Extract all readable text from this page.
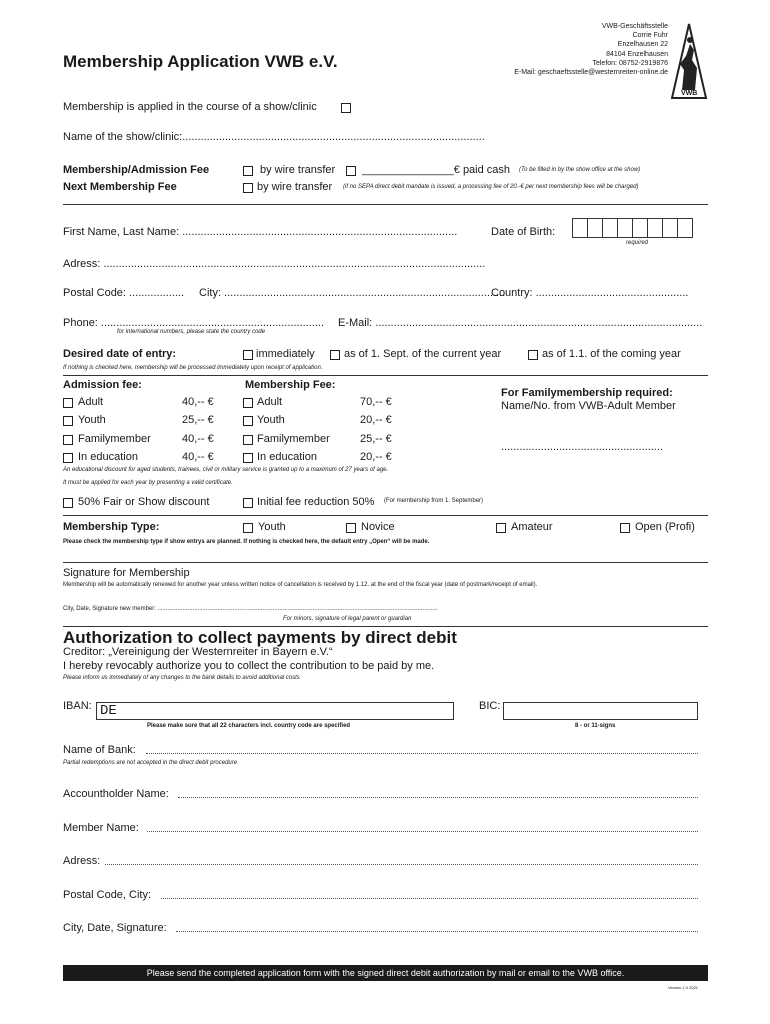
Membership Application VWB e.V.
VWB-Geschäftsstelle
Corrie Fuhr
Enzelhausen 22
84104 Enzelhausen
Telefon: 08752-2919876
E-Mail: geschaeftsstelle@westernreiten-online.de
VWB
Membership is applied in the course of a show/clinic
Name of the show/clinic:...................................................................................................
Membership/Admission Fee
Next Membership Fee
by wire transfer _______________€ paid cash (To be filled in by the show office at the show)
by wire transfer (if no SEPA direct debit mandate is issued, a processing fee of 20.-€ per next membership fees will be charged)
First Name, Last Name: ..........................................................................................	Date of Birth:
required
Adress: .............................................................................................................................
Postal Code: .................. City: ............................................................................................
Country: ..................................................
Phone: .........................................................................
for international numbers, please state the country code
E-Mail: ...........................................................................................................
Desired date of entry:	immediately	as of 1. Sept. of the current year	as of 1.1. of the coming year
If nothing is checked here, membership will be processed immediately upon receipt of application.
Admission fee:
Adult	40,-- €
Youth	25,-- €
Familymember	40,-- €
In education	40,-- €
Membership Fee:
Adult	70,-- €
Youth	20,-- €
Familymember	25,-- €
In education	20,-- €
For Familymembership required:
Name/No. from VWB-Adult Member
.....................................................
An educational discount for aged students, trainees, civil or military service is granted up to a maximum of 27 years of age.
It must be applied for each year by presenting a valid certificate.
50% Fair or Show discount	Initial fee reduction 50% (For membership from 1. September)
Membership Type:	Youth	Novice	Amateur	Open (Profi)
Please check the membership type if show entrys are planned. If nothing is checked here, the default entry „Open“ will be made.
Signature for Membership
Membership will be automatically renewed for another year unless written notice of cancellation is received by 1.12. at the end of the fiscal year (date of postmark/receipt of email).
City, Date, Signature new member: ........................................................................................................................................................................
For minors, signature of legal parent or guardian
Authorization to collect payments by direct debit
Creditor: „Vereinigung der Westernreiter in Bayern e.V.“
I hereby revocably authorize you to collect the contribution to be paid by me.
Please inform us immediately of any changes to the bank details to avoid additional costs
IBAN: DE
Please make sure that all 22 characters incl. country code are specified
BIC:
8 - or 11-signs
Name of Bank:
Partial redemptions are not accepted in the direct debit procedure
Accountholder Name:
Member Name:
Adress:
Postal Code, City:
City, Date, Signature:
Please send the completed application form with the signed direct debit authorization by mail or email to the VWB office.
Version 1.0 2021
